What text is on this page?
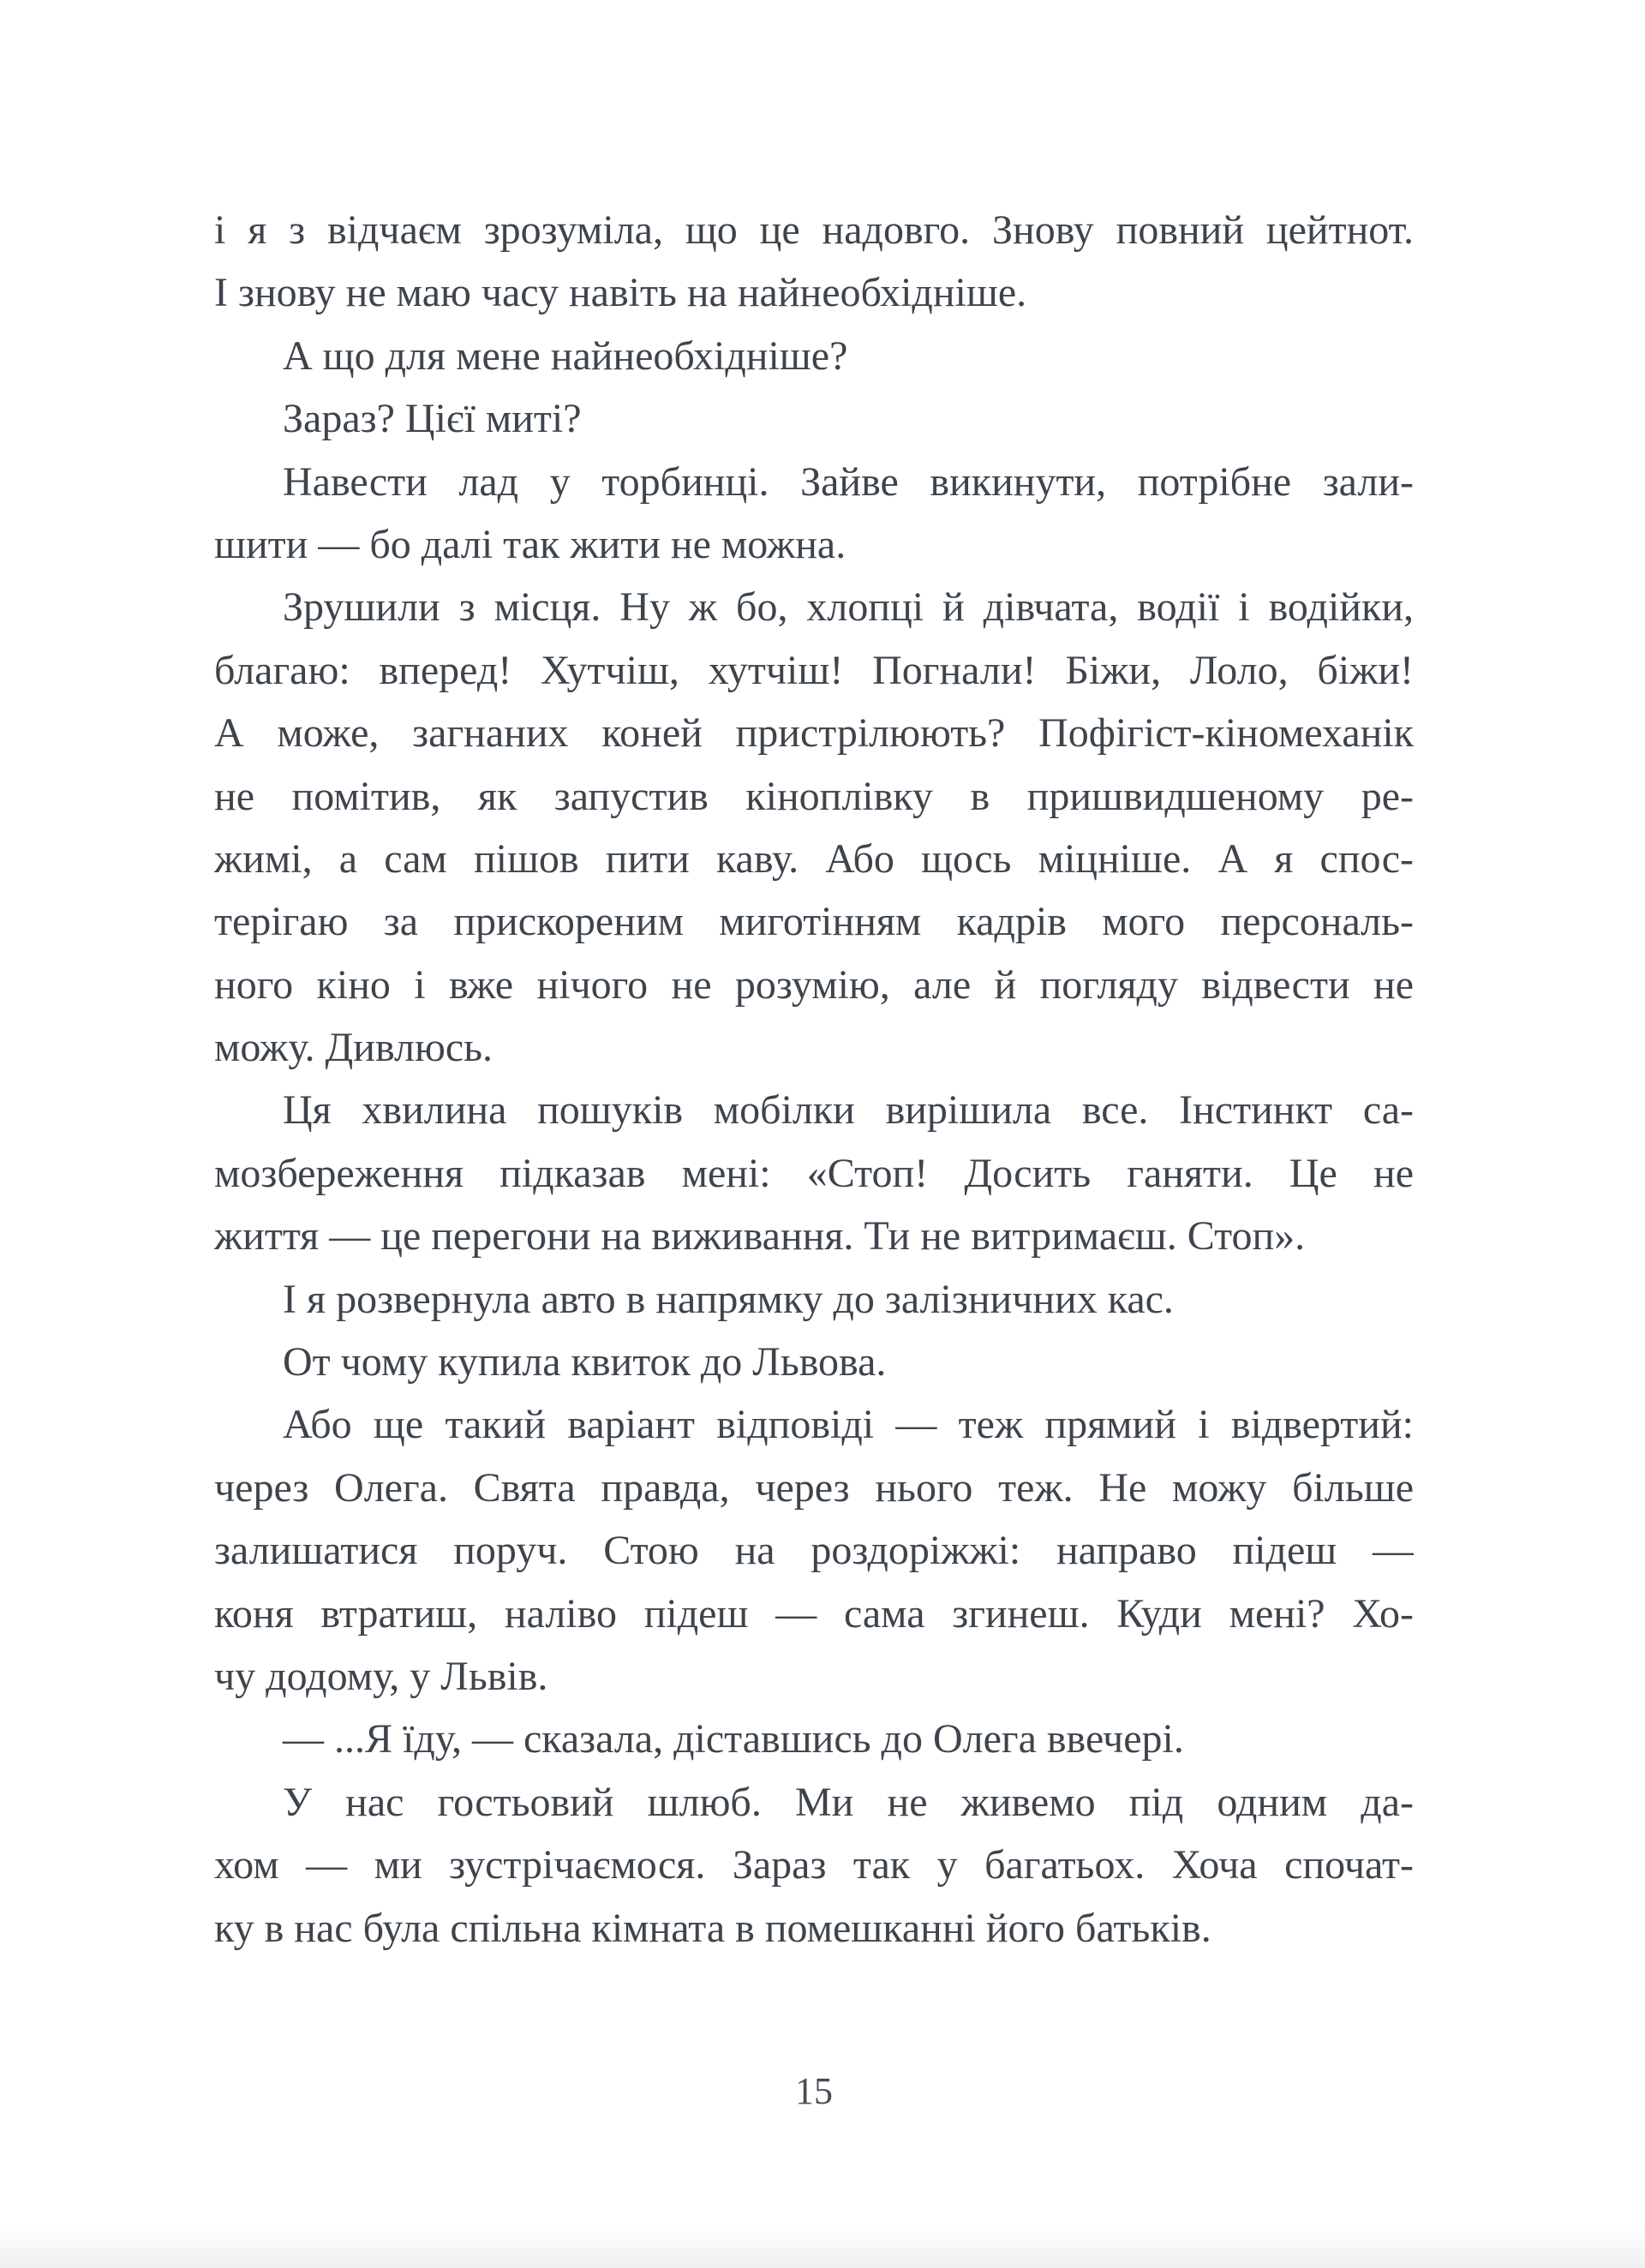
і я з відчаєм зрозуміла, що це надовго. Знову повний цейтнот.
І знову не маю часу навіть на найнеобхідніше.
А що для мене найнеобхідніше?
Зараз? Цієї миті?
Навести лад у торбинці. Зайве викинути, потрібне зали-
шити — бо далі так жити не можна.
Зрушили з місця. Ну ж бо, хлопці й дівчата, водії і водійки,
благаю: вперед! Хутчіш, хутчіш! Погнали! Біжи, Лоло, біжи!
А може, загнаних коней пристрілюють? Пофігіст-кіномеханік
не помітив, як запустив кіноплівку в пришвидшеному ре-
жимі, а сам пішов пити каву. Або щось міцніше. А я спос-
терігаю за прискореним миготінням кадрів мого персональ-
ного кіно і вже нічого не розумію, але й погляду відвести не
можу. Дивлюсь.
Ця хвилина пошуків мобілки вирішила все. Інстинкт са-
мозбереження підказав мені: «Стоп! Досить ганяти. Це не
життя — це перегони на виживання. Ти не витримаєш. Стоп».
І я розвернула авто в напрямку до залізничних кас.
От чому купила квиток до Львова.
Або ще такий варіант відповіді — теж прямий і відвертий:
через Олега. Свята правда, через нього теж. Не можу більше
залишатися поруч. Стою на роздоріжжі: направо підеш —
коня втратиш, наліво підеш — сама згинеш. Куди мені? Хо-
чу додому, у Львів.
— ...Я їду, — сказала, діставшись до Олега ввечері.
У нас гостьовий шлюб. Ми не живемо під одним да-
хом — ми зустрічаємося. Зараз так у багатьох. Хоча спочат-
ку в нас була спільна кімната в помешканні його батьків.
15
